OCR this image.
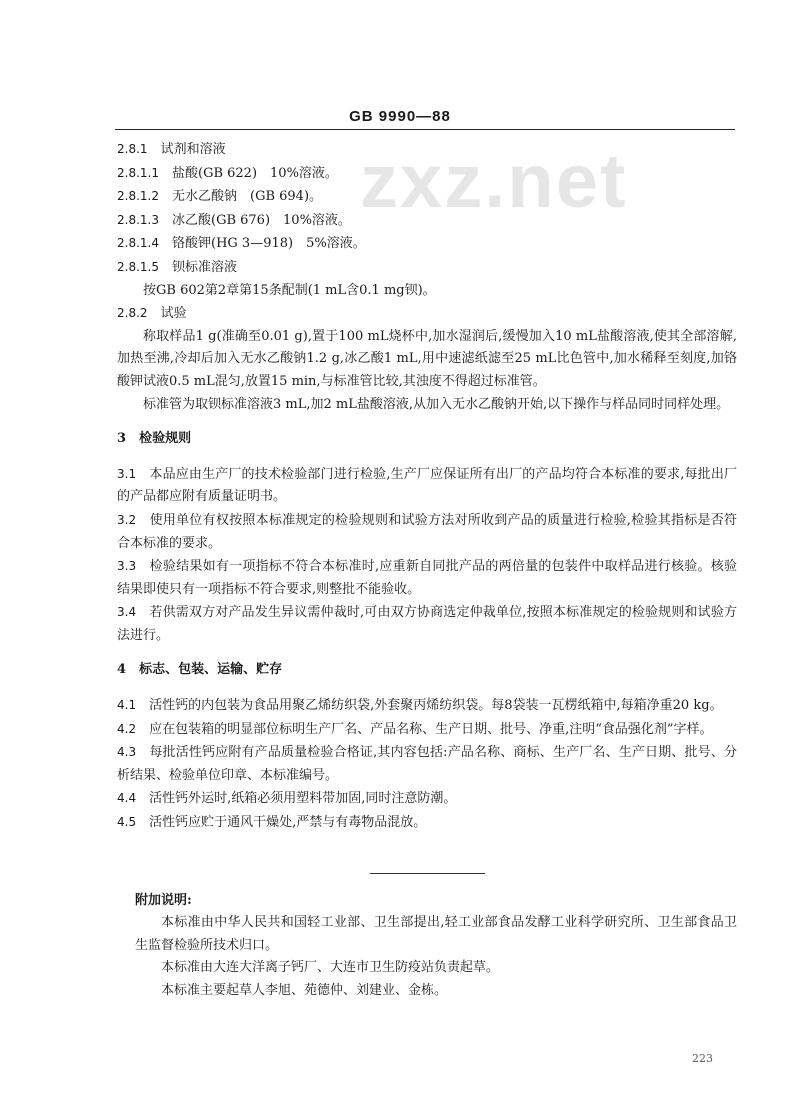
GB 9990—88
zxz.net

2.8.1　 试剂和溶液

2.8.1.1　 盐酸(GB 622)　10%溶液。

2.8.1.2　 无水乙酸钠　(GB 694)。

2.8.1.3　 冰乙酸(GB 676)　10%溶液。

2.8.1.4　 铬酸钾(HG 3—918)　5%溶液。

2.8.1.5　 钡标准溶液

按GB 602第2章第15条配制(1 mL含0.1 mg钡)。

2.8.2　 试验

称取样品1 g(准确至0.01 g),置于100 mL烧杯中,加水湿润后,缓慢加入10 mL盐酸溶液,使其全部溶解,加热至沸,冷却后加入无水乙酸钠1.2 g,冰乙酸1 mL,用中速滤纸滤至25 mL比色管中,加水稀释至刻度,加铬酸钾试液0.5 mL混匀,放置15 min,与标准管比较,其浊度不得超过标准管。

标准管为取钡标准溶液3 mL,加2 mL盐酸溶液,从加入无水乙酸钠开始,以下操作与样品同时同样处理。

3　 检验规则

3.1　 本品应由生产厂的技术检验部门进行检验,生产厂应保证所有出厂的产品均符合本标准的要求,每批出厂的产品都应附有质量证明书。

3.2　 使用单位有权按照本标准规定的检验规则和试验方法对所收到产品的质量进行检验,检验其指标是否符合本标准的要求。

3.3　 检验结果如有一项指标不符合本标准时,应重新自同批产品的两倍量的包装件中取样品进行核验。核验结果即使只有一项指标不符合要求,则整批不能验收。

3.4　 若供需双方对产品发生异议需仲裁时,可由双方协商选定仲裁单位,按照本标准规定的检验规则和试验方法进行。

4　 标志、包装、运输、贮存

4.1　 活性钙的内包装为食品用聚乙烯纺织袋,外套聚丙烯纺织袋。每8袋装一瓦楞纸箱中,每箱净重20 kg。

4.2　 应在包装箱的明显部位标明生产厂名、产品名称、生产日期、批号、净重,注明“食品强化剂”字样。

4.3　 每批活性钙应附有产品质量检验合格证,其内容包括:产品名称、商标、生产厂名、生产日期、批号、分析结果、检验单位印章、本标准编号。

4.4　 活性钙外运时,纸箱必须用塑料带加固,同时注意防潮。

4.5　 活性钙应贮于通风干燥处,严禁与有毒物品混放。

附加说明:

本标准由中华人民共和国轻工业部、卫生部提出,轻工业部食品发酵工业科学研究所、卫生部食品卫生监督检验所技术归口。

本标准由大连大洋离子钙厂、大连市卫生防疫站负责起草。

本标准主要起草人李旭、苑德仲、刘建业、金栋。

223
